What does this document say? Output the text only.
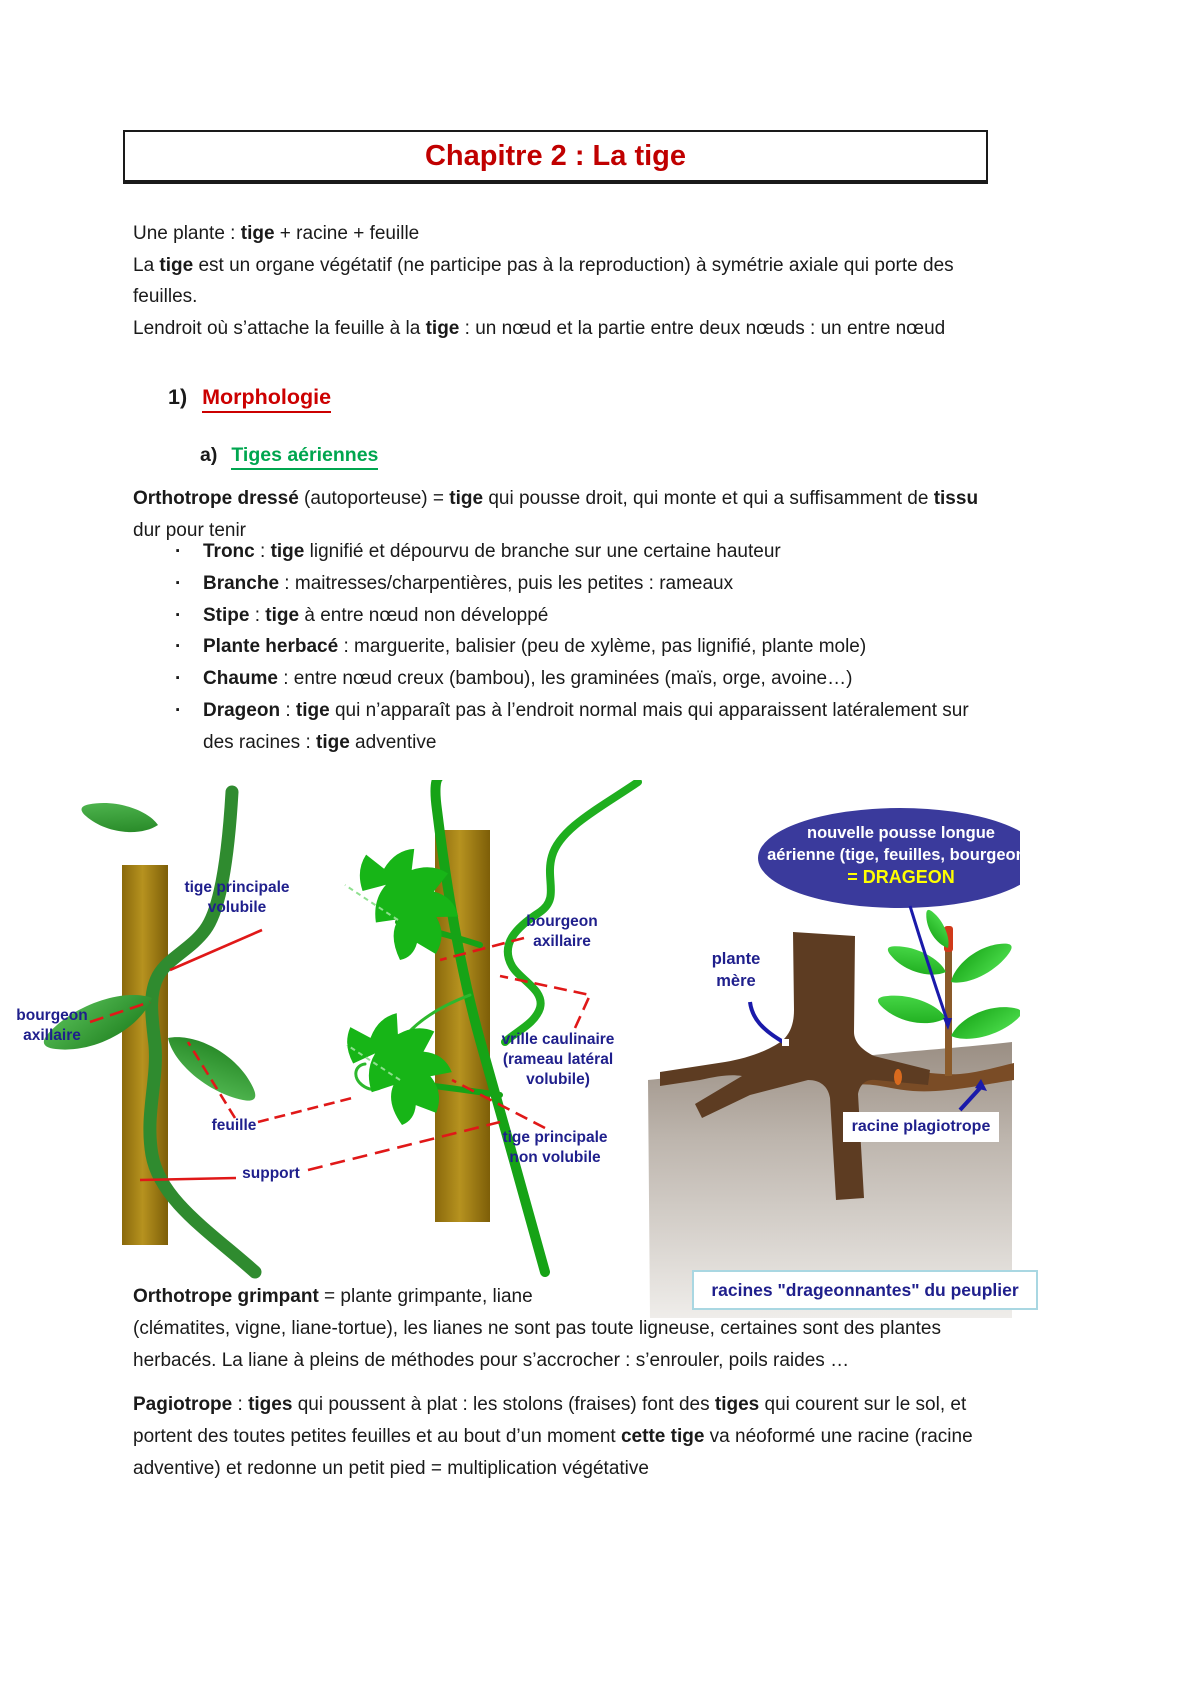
Chapitre 2 : La tige
Une plante : tige + racine + feuille
La tige est un organe végétatif (ne participe pas à la reproduction) à symétrie axiale qui porte des
feuilles.
Lendroit où s’attache la feuille à la tige : un nœud et la partie entre deux nœuds : un entre nœud
1) Morphologie
a) Tiges aériennes
Orthotrope dressé (autoporteuse) = tige qui pousse droit, qui monte et qui a suffisamment de tissu
dur pour tenir
· Tronc : tige lignifié et dépourvu de branche sur une certaine hauteur
· Branche : maitresses/charpentières, puis les petites : rameaux
· Stipe : tige à entre nœud non développé
· Plante herbacé : marguerite, balisier (peu de xylème, pas lignifié, plante mole)
· Chaume : entre nœud creux (bambou), les graminées (maïs, orge, avoine…)
· Drageon : tige qui n’apparaît pas à l’endroit normal mais qui apparaissent latéralement sur
des racines : tige adventive
tige principale volubile
bourgeon axillaire
feuille
support
bourgeon axillaire
vrille caulinaire (rameau latéral volubile)
tige principale non volubile
nouvelle pousse longue
aérienne (tige, feuilles, bourgeons
= DRAGEON
plante mère
racine plagiotrope
racines "drageonnantes" du peuplier
Orthotrope grimpant = plante grimpante, liane
(clématites, vigne, liane-tortue), les lianes ne sont pas toute ligneuse, certaines sont des plantes
herbacés. La liane à pleins de méthodes pour s’accrocher : s’enrouler, poils raides …
Pagiotrope : tiges qui poussent à plat : les stolons (fraises) font des tiges qui courent sur le sol, et
portent des toutes petites feuilles et au bout d’un moment cette tige va néoformé une racine (racine
adventive) et redonne un petit pied = multiplication végétative
